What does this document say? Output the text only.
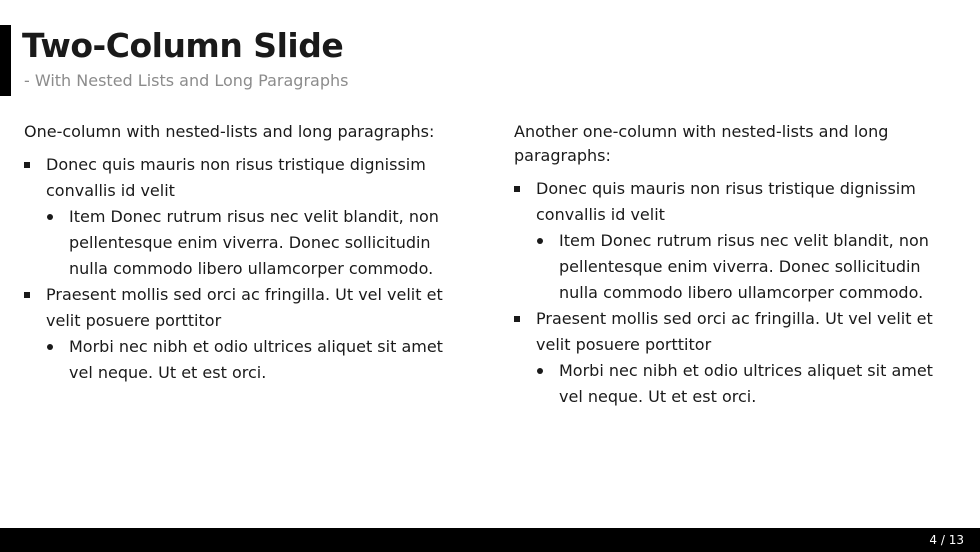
Two-Column Slide

- With Nested Lists and Long Paragraphs

One-column with nested-lists and long paragraphs:

Donec quis mauris non risus tristique dignissim convallis id velit
Item Donec rutrum risus nec velit blandit, non pellentesque enim viverra. Donec sollicitudin nulla commodo libero ullamcorper commodo.
Praesent mollis sed orci ac fringilla. Ut vel velit et velit posuere porttitor
Morbi nec nibh et odio ultrices aliquet sit amet vel neque. Ut et est orci.

Another one-column with nested-lists and long paragraphs:

Donec quis mauris non risus tristique dignissim convallis id velit
Item Donec rutrum risus nec velit blandit, non pellentesque enim viverra. Donec sollicitudin nulla commodo libero ullamcorper commodo.
Praesent mollis sed orci ac fringilla. Ut vel velit et velit posuere porttitor
Morbi nec nibh et odio ultrices aliquet sit amet vel neque. Ut et est orci.
4 / 13
